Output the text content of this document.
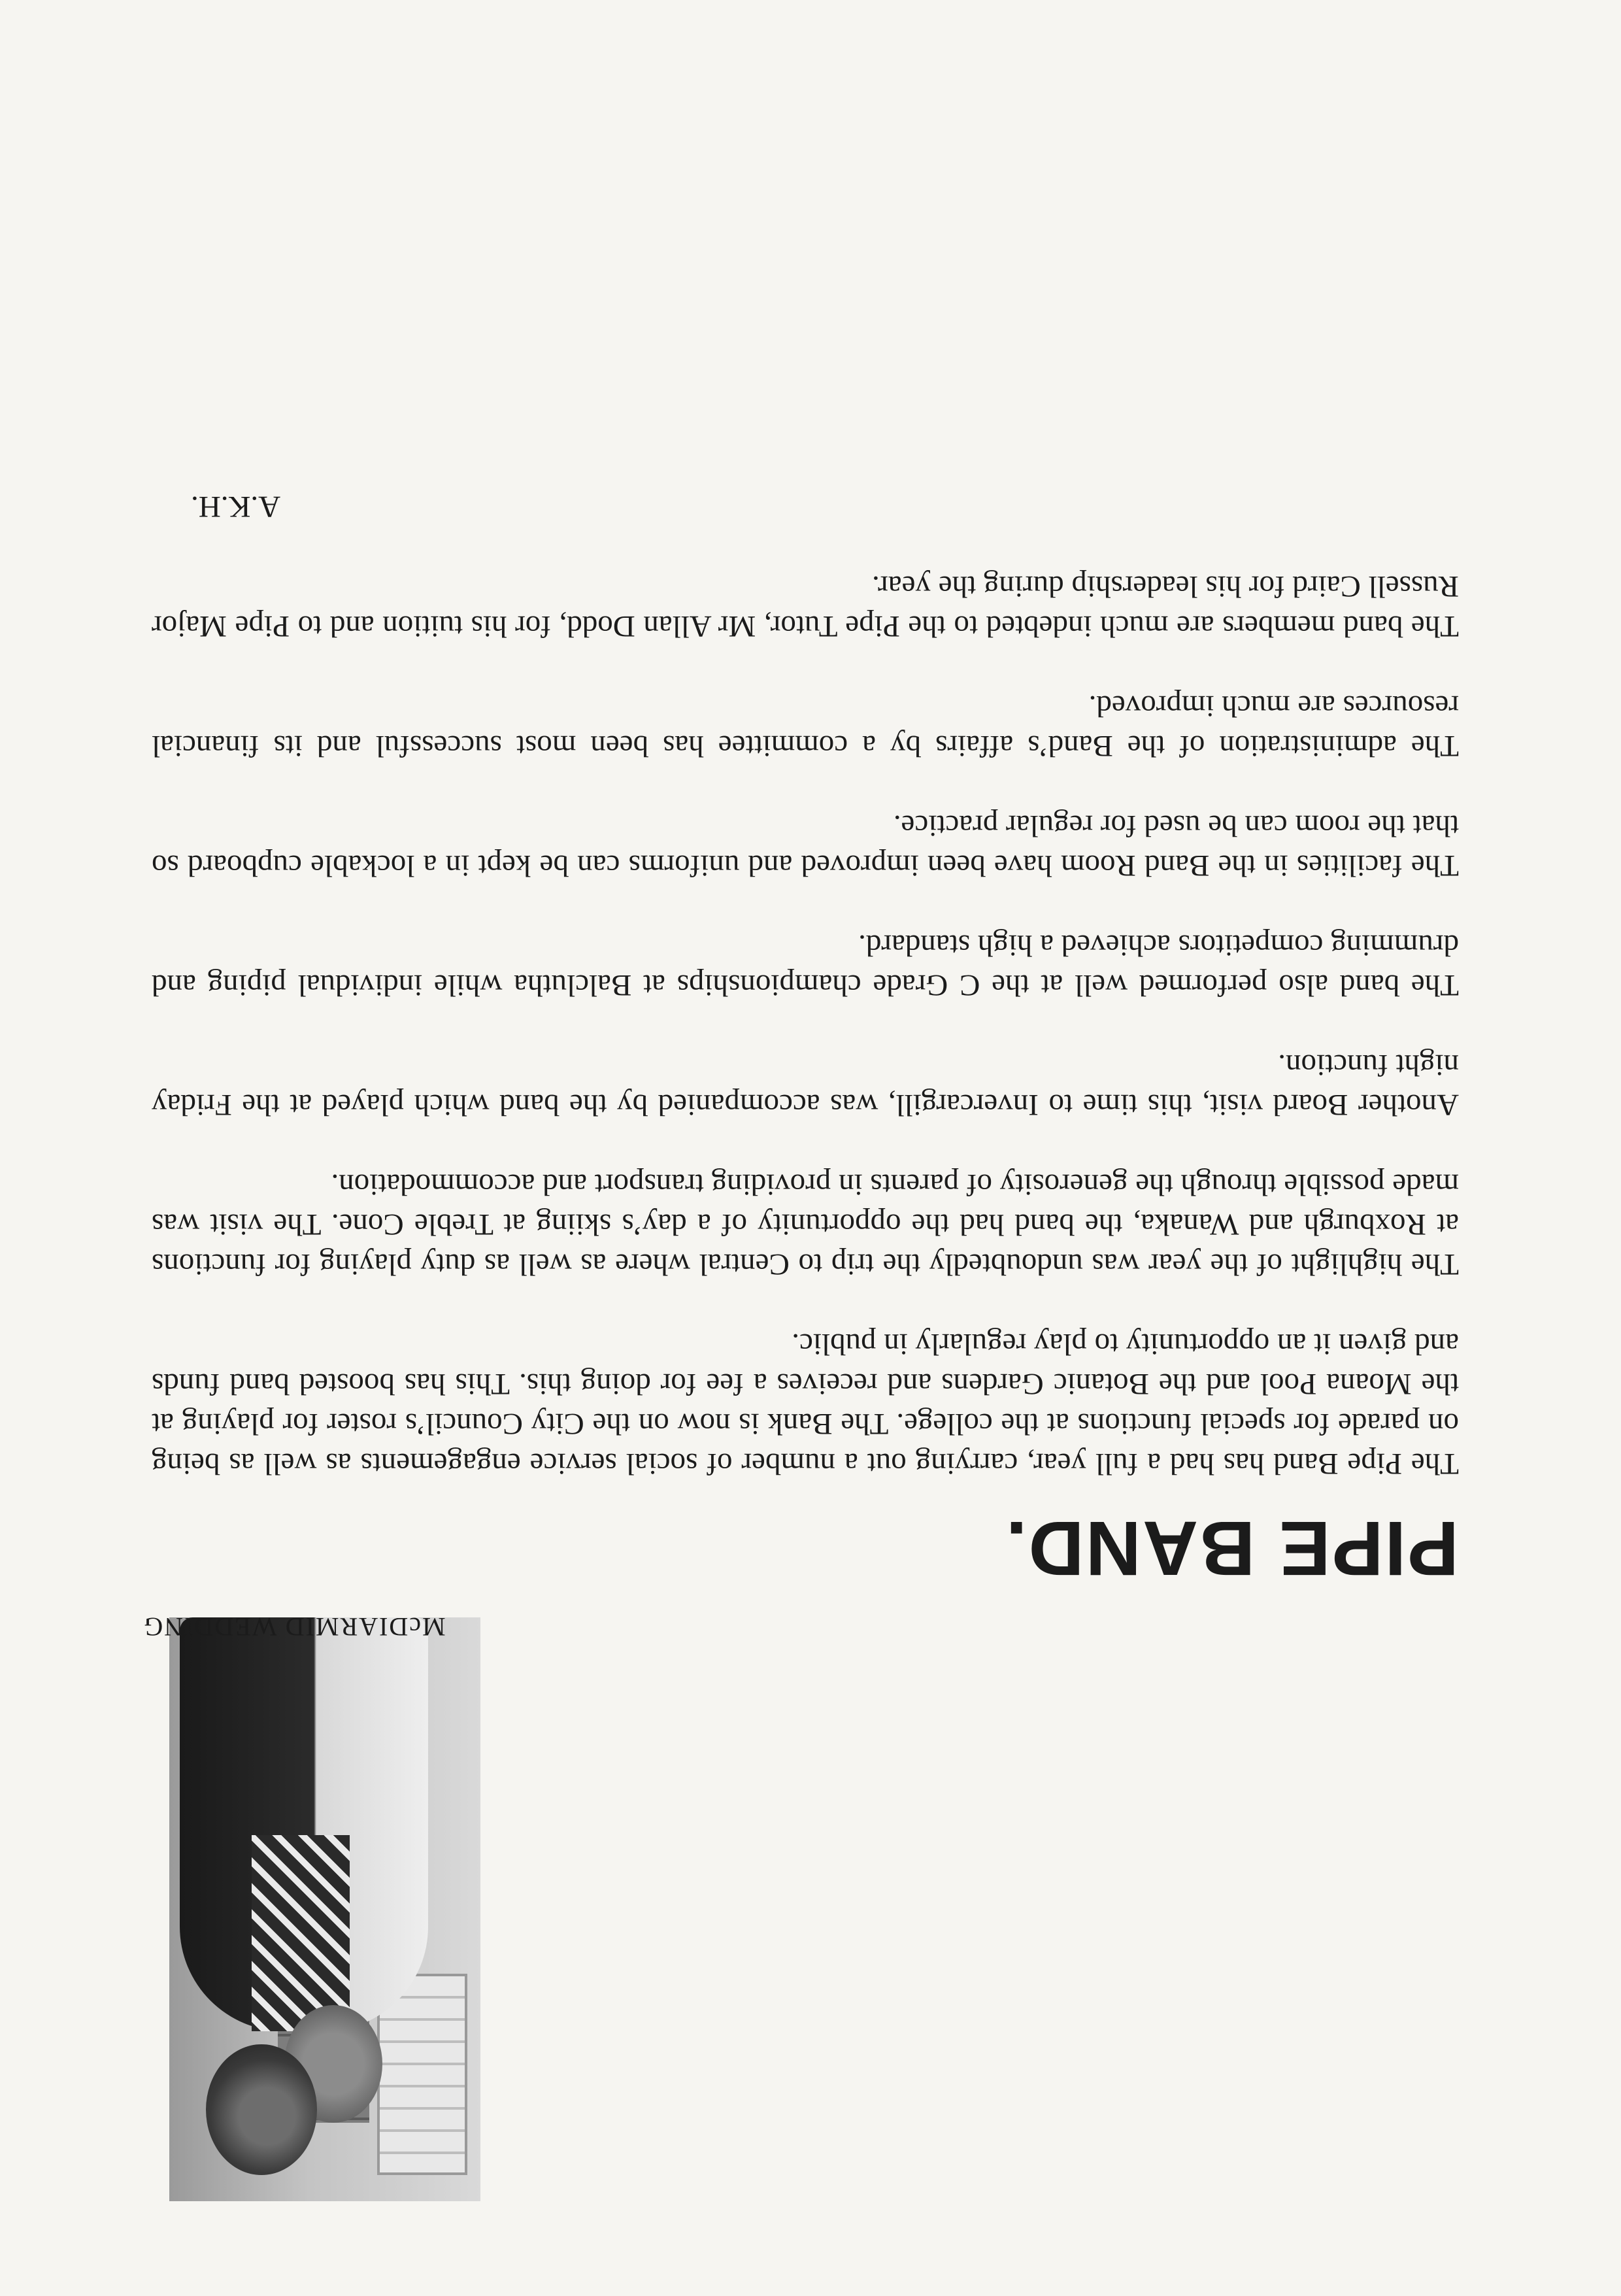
McDIARMID WEDDING
PIPE BAND.

The Pipe Band has had a full year, carrying out a number of social service engagements as well as being on parade for special functions at the college. The Bank is now on the City Council’s roster for playing at the Moana Pool and the Botanic Gardens and receives a fee for doing this. This has boosted band funds and given it an opportunity to play regularly in public.

The highlight of the year was undoubtedly the trip to Central where as well as duty playing for functions at Roxburgh and Wanaka, the band had the opportunity of a day’s skiing at Treble Cone. The visit was made possible through the generosity of parents in providing transport and accommodation.

Another Board visit, this time to Invercargill, was accompanied by the band which played at the Friday night function.

The band also performed well at the C Grade championships at Balclutha while individual piping and drumming competitors achieved a high standard.

The facilities in the Band Room have been improved and uniforms can be kept in a lockable cupboard so that the room can be used for regular practice.

The administration of the Band’s affairs by a committee has been most successful and its financial resources are much improved.

The band members are much indebted to the Pipe Tutor, Mr Allan Dodd, for his tuition and to Pipe Major Russell Caird for his leadership during the year.

A.K.H.
